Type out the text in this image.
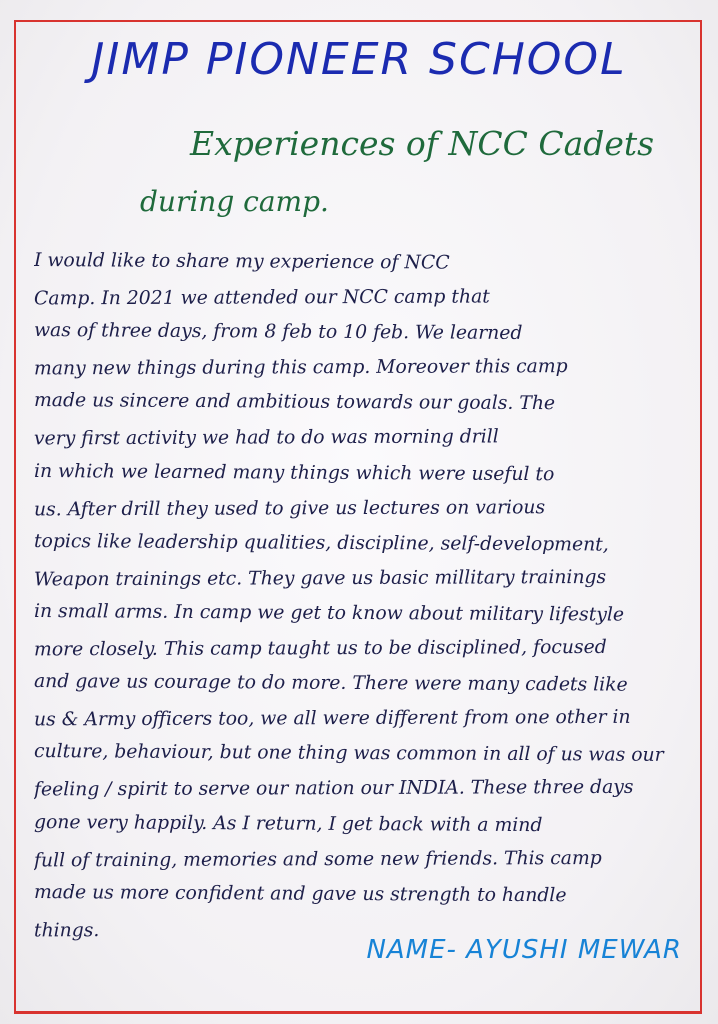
JIMP PIONEER SCHOOL
Experiences of NCC Cadets
during camp.
I would like to share my experience of NCC
Camp. In 2021 we attended our NCC camp that
was of three days, from 8 feb to 10 feb. We learned
many new things during this camp. Moreover this camp
made us sincere and ambitious towards our goals. The
very first activity we had to do was morning drill
in which we learned many things which were useful to
us. After drill they used to give us lectures on various
topics like leadership qualities, discipline, self-development,
Weapon trainings etc. They gave us basic millitary trainings
in small arms. In camp we get to know about military lifestyle
more closely. This camp taught us to be disciplined, focused
and gave us courage to do more. There were many cadets like
us & Army officers too, we all were different from one other in
culture, behaviour, but one thing was common in all of us was our
feeling / spirit to serve our nation our INDIA. These three days
gone very happily. As I return, I get back with a mind
full of training, memories and some new friends. This camp
made us more confident and gave us strength to handle
things.
NAME- AYUSHI MEWAR
